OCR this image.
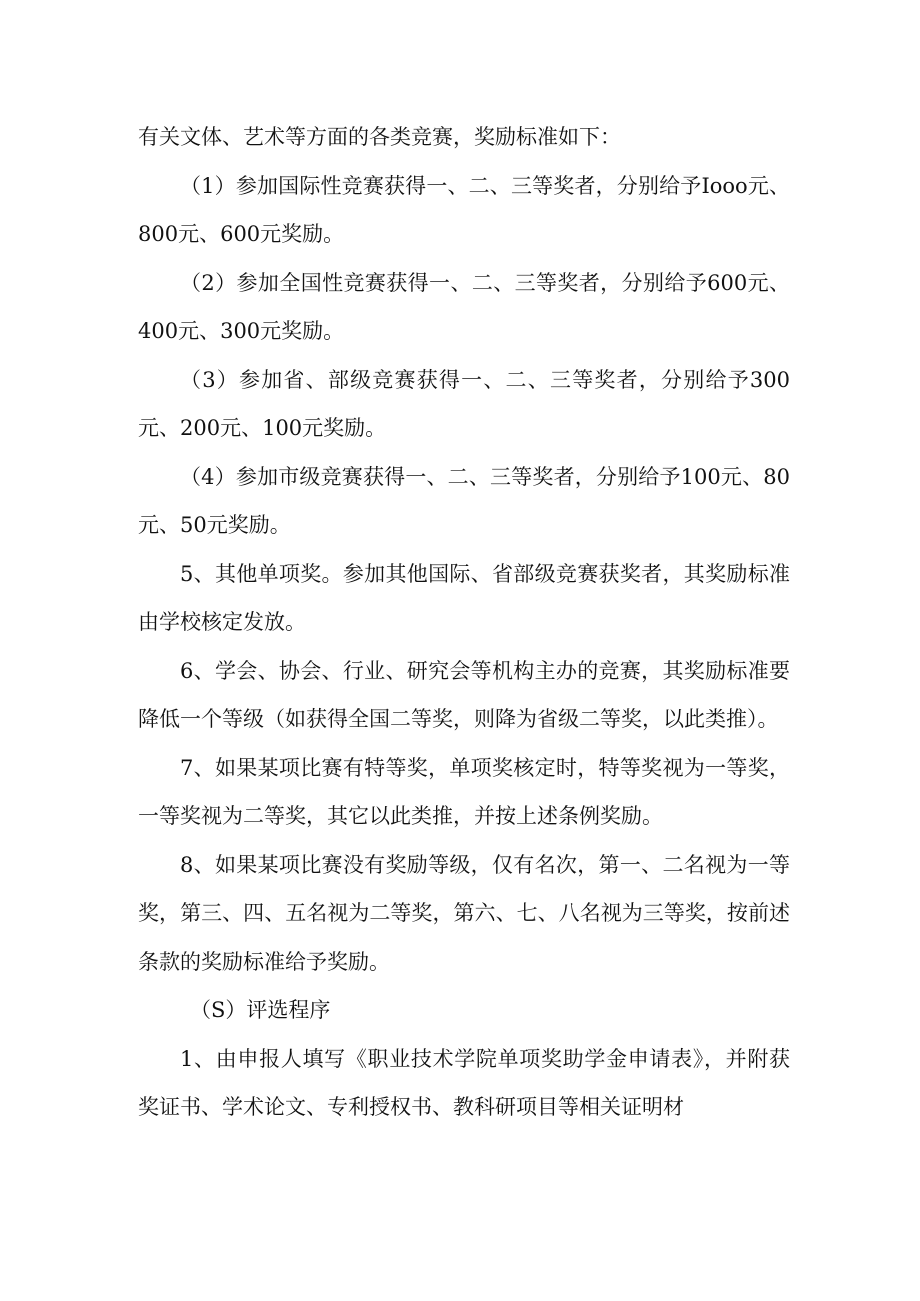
有关文体、艺术等方面的各类竞赛，奖励标准如下：

（1）参加国际性竞赛获得一、二、三等奖者，分别给予Iooo元、800元、600元奖励。

（2）参加全国性竞赛获得一、二、三等奖者，分别给予600元、400元、300元奖励。

（3）参加省、部级竞赛获得一、二、三等奖者，分别给予300元、200元、100元奖励。

（4）参加市级竞赛获得一、二、三等奖者，分别给予100元、80元、50元奖励。

5、其他单项奖。参加其他国际、省部级竞赛获奖者，其奖励标准由学校核定发放。

6、学会、协会、行业、研究会等机构主办的竞赛，其奖励标准要降低一个等级（如获得全国二等奖，则降为省级二等奖，以此类推）。

7、如果某项比赛有特等奖，单项奖核定时，特等奖视为一等奖，一等奖视为二等奖，其它以此类推，并按上述条例奖励。

8、如果某项比赛没有奖励等级，仅有名次，第一、二名视为一等奖，第三、四、五名视为二等奖，第六、七、八名视为三等奖，按前述条款的奖励标准给予奖励。

（S）评选程序

1、由申报人填写《职业技术学院单项奖助学金申请表》，并附获奖证书、学术论文、专利授权书、教科研项目等相关证明材
